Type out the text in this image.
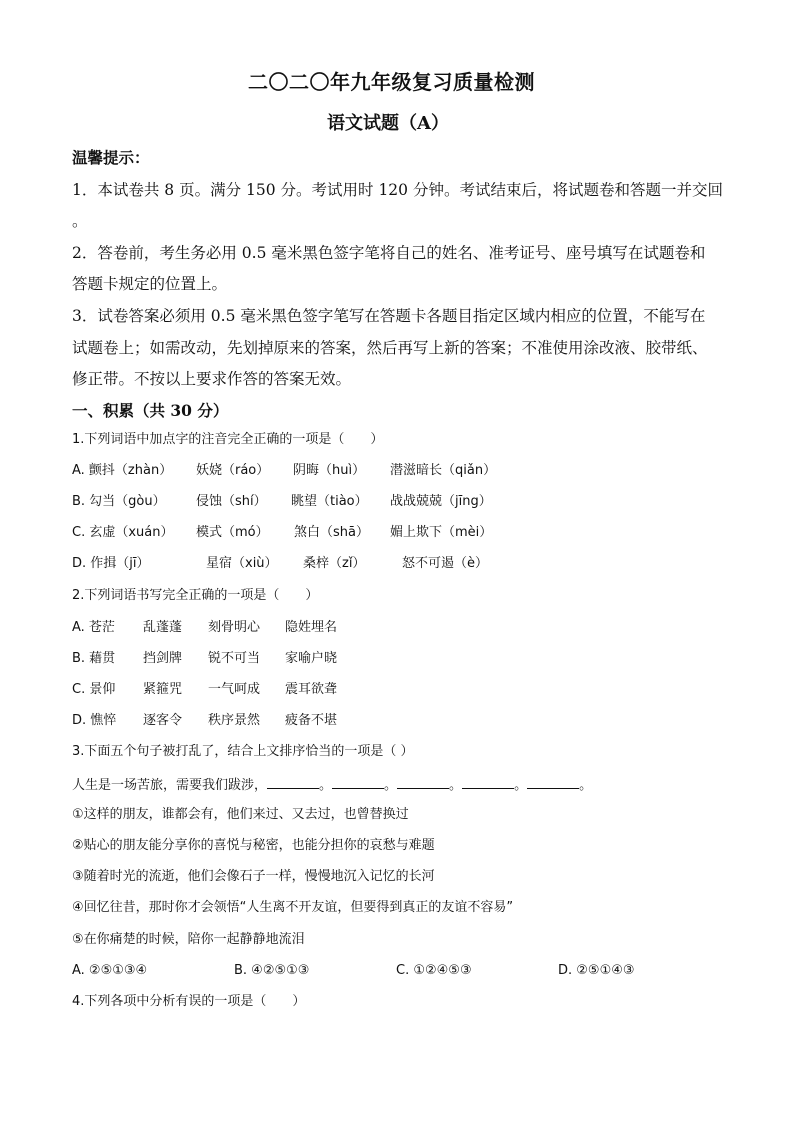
二〇二〇年九年级复习质量检测
语文试题（A）
温馨提示：
1．本试卷共 8 页。满分 150 分。考试用时 120 分钟。考试结束后，将试题卷和答题一并交回
。
2．答卷前，考生务必用 0.5 毫米黑色签字笔将自己的姓名、准考证号、座号填写在试题卷和
答题卡规定的位置上。
3．试卷答案必须用 0.5 毫米黑色签字笔写在答题卡各题目指定区域内相应的位置，不能写在
试题卷上；如需改动，先划掉原来的答案，然后再写上新的答案；不准使用涂改液、胶带纸、
修正带。不按以上要求作答的答案无效。
一、积累（共 30 分）
1.下列词语中加点字的注音完全正确的一项是（　　）
A. 颤抖（zhàn） 妖娆（ráo） 阴晦（huì） 潜滋暗长（qiǎn）
B. 勾当（gòu） 侵蚀（shí） 眺望（tiào） 战战兢兢（jīng）
C. 玄虚（xuán） 模式（mó） 煞白（shā） 媚上欺下（mèi）
D. 作揖（jī）	星宿（xiù） 桑梓（zǐ）	怒不可遏（è）
2.下列词语书写完全正确的一项是（　　）
A. 苍茫 乱蓬蓬 刻骨明心 隐姓埋名
B. 藉贯 挡剑牌 锐不可当 家喻户晓
C. 景仰 紧箍咒 一气呵成 震耳欲聋
D. 憔悴 逐客令 秩序景然 疲备不堪
3.下面五个句子被打乱了，结合上文排序恰当的一项是（ ）
人生是一场苦旅，需要我们跋涉，	。	。	。	。	。
①这样的朋友，谁都会有，他们来过、又去过，也曾替换过
②贴心的朋友能分享你的喜悦与秘密，也能分担你的哀愁与难题
③随着时光的流逝，他们会像石子一样，慢慢地沉入记忆的长河
④回忆往昔，那时你才会领悟“人生离不开友谊，但要得到真正的友谊不容易”
⑤在你痛楚的时候，陪你一起静静地流泪
A. ②⑤①③④	B. ④②⑤①③	C. ①②④⑤③	D. ②⑤①④③
4.下列各项中分析有误的一项是（　　）
